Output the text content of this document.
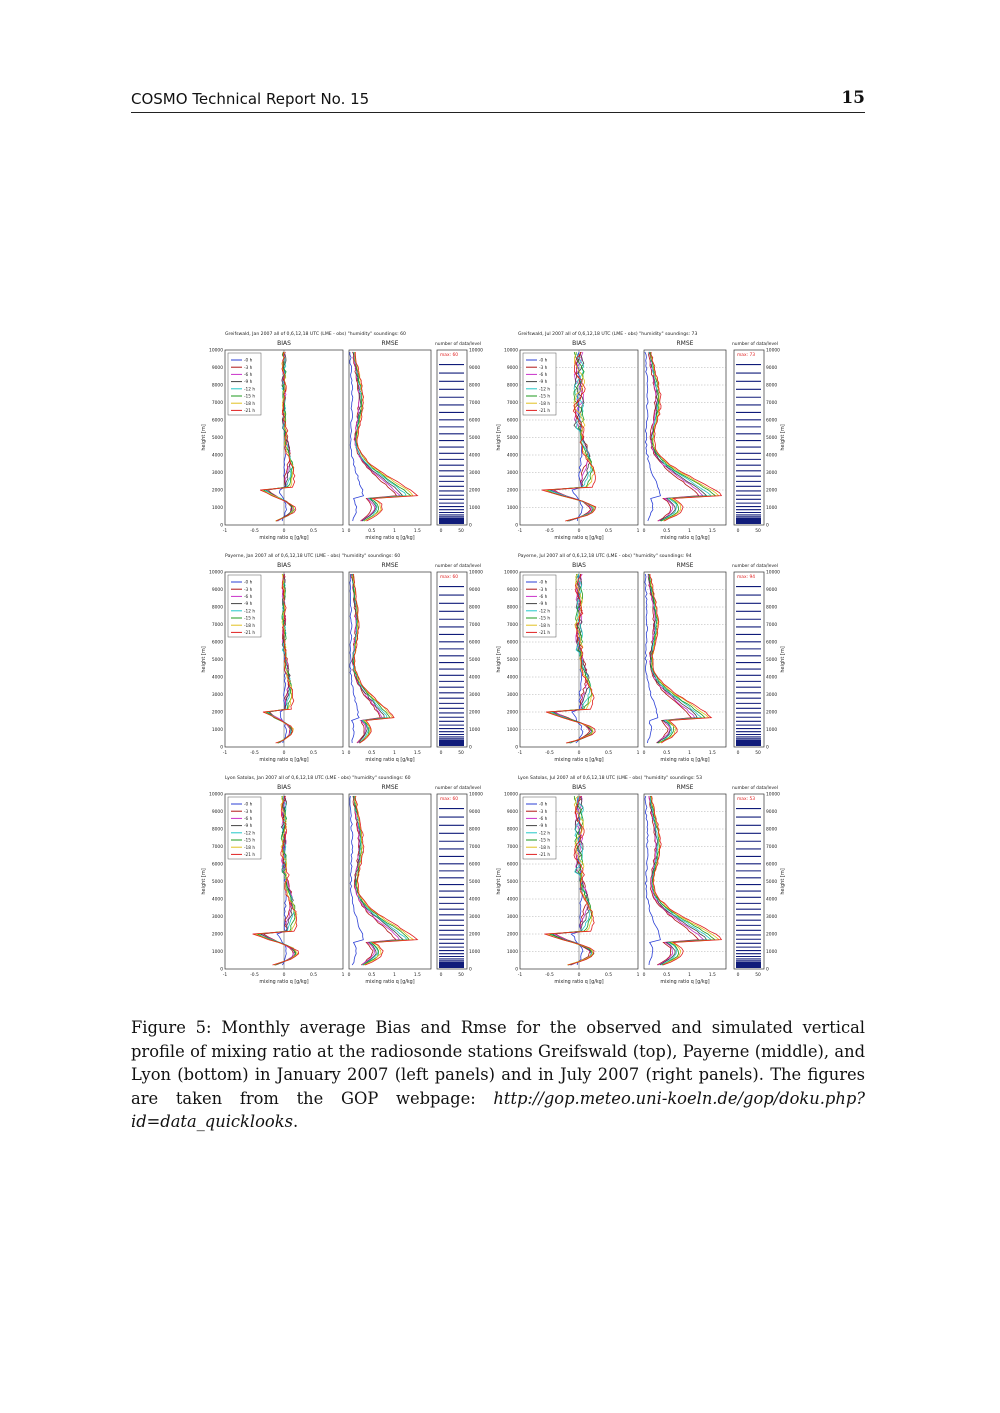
COSMO Technical Report No. 15	15
Greifswald, Jan 2007 all of 0,6,12,18 UTC (LME - obs) "humidity" soundings: 60
BIAS	RMSE	number of data/level
height [m]
0	0
1000	1000
2000	2000
3000	3000
4000	4000
5000	5000
6000	6000
7000	7000
8000	8000
9000	9000
10000	10000
-1	-0.5	0	0.5	1 0	0.5	1	1.5	0	50
mixing ratio q [g/kg]	mixing ratio q [g/kg]
-0 h
-3 h
-6 h
-9 h
-12 h
-15 h
-18 h
-21 h
max: 60
Greifswald, Jul 2007 all of 0,6,12,18 UTC (LME - obs) "humidity" soundings: 73
BIAS	RMSE	number of data/level
height [m]	height [m]
0	0
1000	1000
2000	2000
3000	3000
4000	4000
5000	5000
6000	6000
7000	7000
8000	8000
9000	9000
10000	10000
-1	-0.5	0	0.5	1 0	0.5	1	1.5	0	50
mixing ratio q [g/kg]	mixing ratio q [g/kg]
-0 h
-3 h
-6 h
-9 h
-12 h
-15 h
-18 h
-21 h
max: 73
Payerne, Jan 2007 all of 0,6,12,18 UTC (LME - obs) "humidity" soundings: 60
BIAS	RMSE	number of data/level
height [m]
0	0
1000	1000
2000	2000
3000	3000
4000	4000
5000	5000
6000	6000
7000	7000
8000	8000
9000	9000
10000	10000
-1	-0.5	0	0.5	1 0	0.5	1	1.5	0	50
mixing ratio q [g/kg]	mixing ratio q [g/kg]
-0 h
-3 h
-6 h
-9 h
-12 h
-15 h
-18 h
-21 h
max: 60
Payerne, Jul 2007 all of 0,6,12,18 UTC (LME - obs) "humidity" soundings: 94
BIAS	RMSE	number of data/level
height [m]	height [m]
0	0
1000	1000
2000	2000
3000	3000
4000	4000
5000	5000
6000	6000
7000	7000
8000	8000
9000	9000
10000	10000
-1	-0.5	0	0.5	1 0	0.5	1	1.5	0	50
mixing ratio q [g/kg]	mixing ratio q [g/kg]
-0 h
-3 h
-6 h
-9 h
-12 h
-15 h
-18 h
-21 h
max: 94
Lyon Satolas, Jan 2007 all of 0,6,12,18 UTC (LME - obs) "humidity" soundings: 60
BIAS	RMSE	number of data/level
height [m]
0	0
1000	1000
2000	2000
3000	3000
4000	4000
5000	5000
6000	6000
7000	7000
8000	8000
9000	9000
10000	10000
-1	-0.5	0	0.5	1 0	0.5	1	1.5	0	50
mixing ratio q [g/kg]	mixing ratio q [g/kg]
-0 h
-3 h
-6 h
-9 h
-12 h
-15 h
-18 h
-21 h
max: 60
Lyon Satolas, Jul 2007 all of 0,6,12,18 UTC (LME - obs) "humidity" soundings: 53
BIAS	RMSE	number of data/level
height [m]	height [m]
0	0
1000	1000
2000	2000
3000	3000
4000	4000
5000	5000
6000	6000
7000	7000
8000	8000
9000	9000
10000	10000
-1	-0.5	0	0.5	1 0	0.5	1	1.5	0	50
mixing ratio q [g/kg]	mixing ratio q [g/kg]
-0 h
-3 h
-6 h
-9 h
-12 h
-15 h
-18 h
-21 h
max: 53
Figure 5: Monthly average Bias and Rmse for the observed and simulated vertical profile of mixing ratio at the radiosonde stations Greifswald (top), Payerne (middle), and Lyon (bottom) in January 2007 (left panels) and in July 2007 (right panels). The figures are taken from the GOP webpage: http://gop.meteo.uni-koeln.de/gop/doku.php?id=data_quicklooks.
